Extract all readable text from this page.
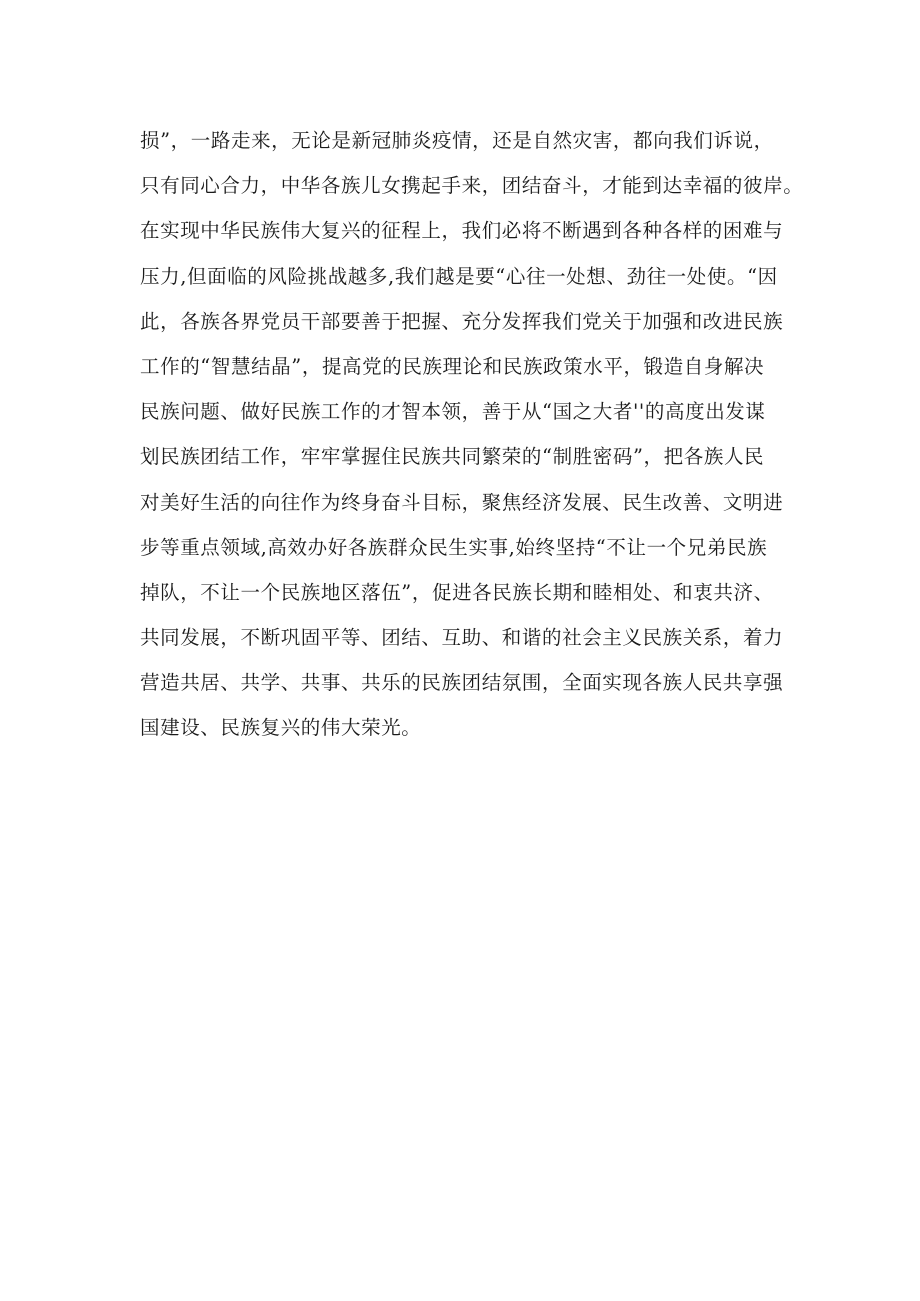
损”，一路走来，无论是新冠肺炎疫情，还是自然灾害，都向我们诉说，
只有同心合力，中华各族儿女携起手来，团结奋斗，才能到达幸福的彼岸。
在实现中华民族伟大复兴的征程上，我们必将不断遇到各种各样的困难与
压力,但面临的风险挑战越多,我们越是要“心往一处想、劲往一处使。“因
此，各族各界党员干部要善于把握、充分发挥我们党关于加强和改进民族
工作的“智慧结晶”，提高党的民族理论和民族政策水平，锻造自身解决
民族问题、做好民族工作的才智本领，善于从“国之大者''的高度出发谋
划民族团结工作，牢牢掌握住民族共同繁荣的“制胜密码”，把各族人民
对美好生活的向往作为终身奋斗目标，聚焦经济发展、民生改善、文明进
步等重点领域,高效办好各族群众民生实事,始终坚持“不让一个兄弟民族
掉队，不让一个民族地区落伍”，促进各民族长期和睦相处、和衷共济、
共同发展，不断巩固平等、团结、互助、和谐的社会主义民族关系，着力
营造共居、共学、共事、共乐的民族团结氛围，全面实现各族人民共享强
国建设、民族复兴的伟大荣光。
